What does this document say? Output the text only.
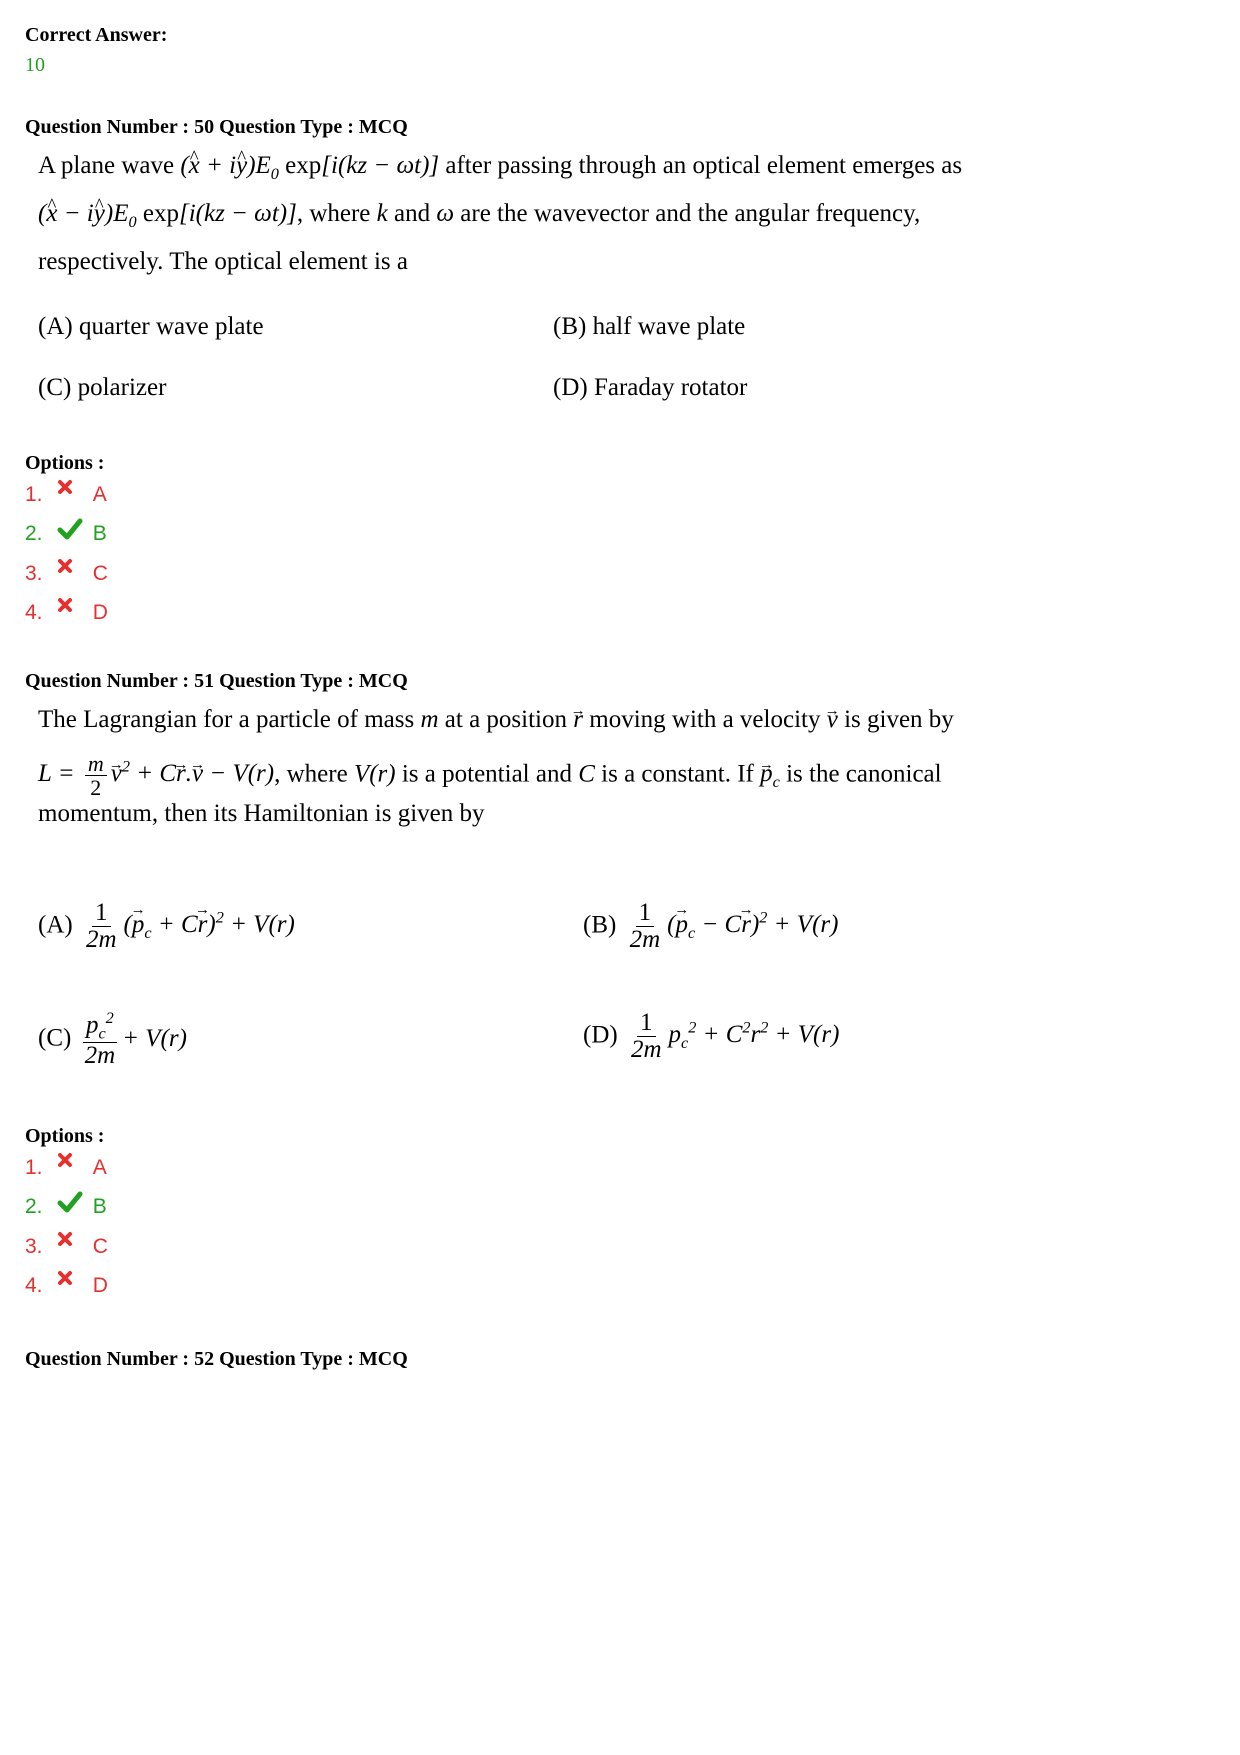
Correct Answer:
10
Question Number : 50 Question Type : MCQ
A plane wave (^ x + i^ $y)E_0$ exp[i(kz − ωt)] after passing through an optical element emerges as
(^ x − i^ $y)E_0$ exp[i(kz − ωt)], where k and ω are the wavevector and the angular frequency,
respectively. The optical element is a
(A) quarter wave plate	(B) half wave plate
(C) polarizer	(D) Faraday rotator
Options :
1. A
2. B
3. C
4. D
Question Number : 51 Question Type : MCQ
The Lagrangian for a particle of mass m at a position → r moving with a velocity → v is given by
$L = \frac{m}{2}$
→ $v^2 + C\to r.\to v - V(r)$, where V(r) is a potential and C is a constant. $If \to p_c$ is the canonical
momentum, then its Hamiltonian is given by
$(A) \frac{1}{2m}$ (→ $p_c + C\to r)^2 + V(r)$	$(B) \frac{1}{2m}$ (→ $p_c - C\to r)^2 + V(r)$
$(C) \frac{p_c^2}{2m} + V(r)$	$(D) \frac{1}{2m} p_c^2 + C^2r^2 + V(r)$
Options :
1. A
2. B
3. C
4. D
Question Number : 52 Question Type : MCQ
